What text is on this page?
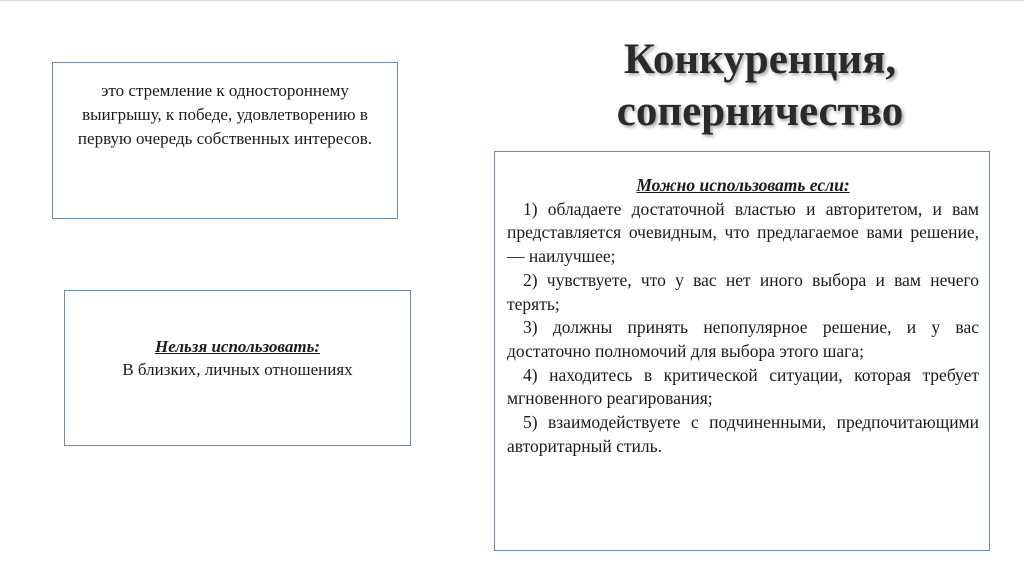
Конкуренция,
соперничество
это стремление к одностороннему выигрышу, к победе, удовлетворению в первую очередь собственных интересов.
Нельзя использовать:
В близких, личных отношениях
Можно использовать если:

1) обладаете достаточной властью и авторитетом, и вам представляется очевидным, что предлагаемое вами решение, — наилучшее;

2) чувствуете, что у вас нет иного выбора и вам нечего терять;

3) должны принять непопулярное решение, и у вас достаточно полномочий для выбора этого шага;

4) находитесь в критической ситуации, которая требует мгновенного реагирования;

5) взаимодействуете с подчиненными, предпочитающими авторитарный стиль.
